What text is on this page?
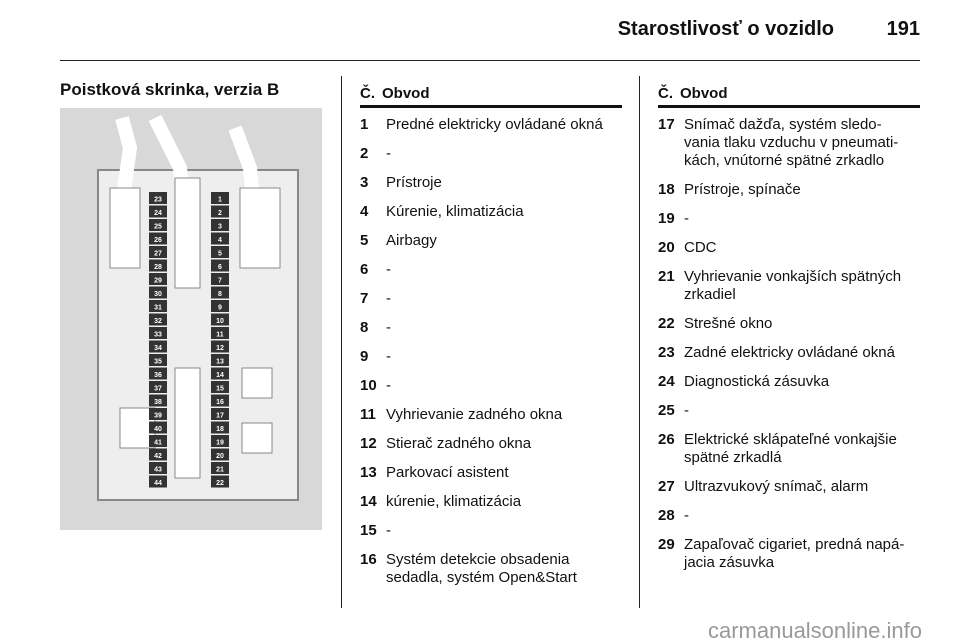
Starostlivosť o vozidlo	191
Poistková skrinka, verzia B
23
24
25
26
27
28
29
30
31
32
33
34
35
36
37
38
39
40
41
42
43
44
1
2
3
4
5
6
7
8
9
10
11
12
13
14
15
16
17
18
19
20
21
22
Č. Obvod
1	Predné elektricky ovládané okná
2	-
3	Prístroje
4	Kúrenie, klimatizácia
5	Airbagy
6	-
7	-
8	-
9	-
10 -
11 Vyhrievanie zadného okna
12 Stierač zadného okna
13 Parkovací asistent
14 kúrenie, klimatizácia
15 -
16 Systém detekcie obsadenia sedadla, systém Open&Start
Č. Obvod
17 Snímač dažďa, systém sledo- vania tlaku vzduchu v pneumati- kách, vnútorné spätné zrkadlo
18 Prístroje, spínače
19 -
20 CDC
21 Vyhrievanie vonkajších spätných zrkadiel
22 Strešné okno
23 Zadné elektricky ovládané okná
24 Diagnostická zásuvka
25 -
26 Elektrické sklápateľné vonkajšie spätné zrkadlá
27 Ultrazvukový snímač, alarm
28 -
29 Zapaľovač cigariet, predná napá- jacia zásuvka
carmanualsonline.info
